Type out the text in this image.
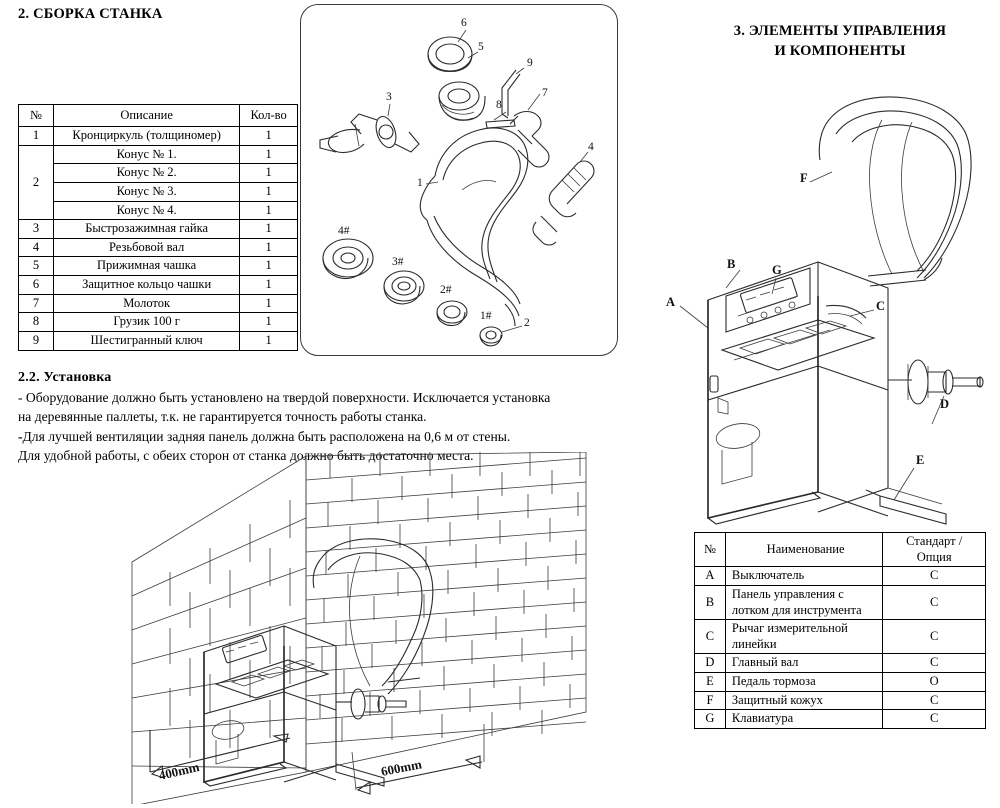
2. СБОРКА СТАНКА
3. ЭЛЕМЕНТЫ УПРАВЛЕНИЯ
И КОМПОНЕНТЫ
2.2. Установка
№	Описание	Кол-во
1	Кронциркуль (толщиномер)	1
2	Конус № 1.	1
	Конус № 2.	1
	Конус № 3.	1
	Конус № 4.	1
3	Быстрозажимная гайка	1
4	Резьбовой вал	1
5	Прижимная чашка	1
6	Защитное кольцо чашки	1
7	Молоток	1
8	Грузик 100 г	1
9	Шестигранный ключ	1

- Оборудование должно быть установлено на твердой поверхности. Исключается установка

на деревянные паллеты, т.к. не гарантируется точность работы станка.

-Для лучшей вентиляции задняя панель должна быть расположена на 0,6 м от стены.

Для удобной работы, с обеих сторон от станка должно быть достаточно места.

№	Наименование	Стандарт /
Опция
A	Выключатель	С
B	Панель управления с лотком для инструмента	С
C	Рычаг измерительной линейки	С
D	Главный вал	С
E	Педаль тормоза	О
F	Защитный кожух	С
G	Клавиатура	С
6
5
9
7
8
4
3
1
2
4#
3#
2#
1#
F
B
A
G
C
D
E
400mm	600mm
